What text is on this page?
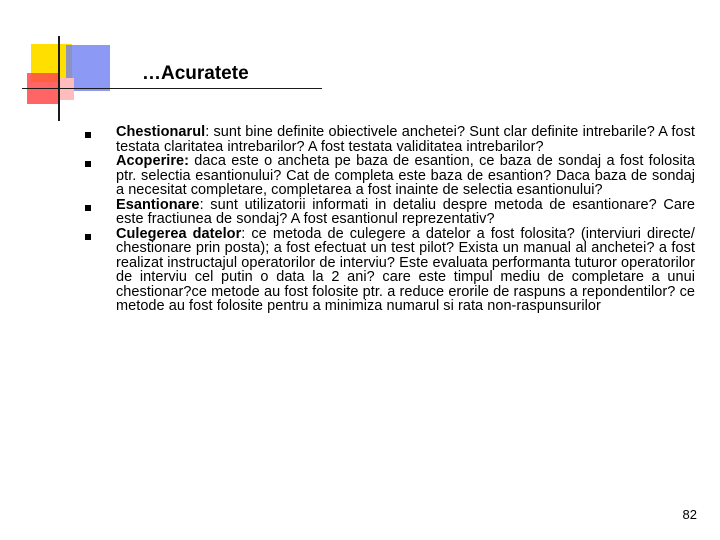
…Acuratete
Chestionarul: sunt bine definite obiectivele anchetei? Sunt clar definite intrebarile? A fost testata claritatea intrebarilor? A fost testata validitatea intrebarilor?
Acoperire: daca este o ancheta pe baza de esantion, ce baza de sondaj a fost folosita ptr. selectia esantionului? Cat de completa este baza de esantion? Daca baza de sondaj a necesitat completare, completarea a fost inainte de selectia esantionului?
Esantionare: sunt utilizatorii informati in detaliu despre metoda de esantionare? Care este fractiunea de sondaj? A fost esantionul reprezentativ?
Culegerea datelor: ce metoda de culegere a datelor a fost folosita? (interviuri directe/ chestionare prin posta); a fost efectuat un test pilot? Exista un manual al anchetei? a fost realizat instructajul operatorilor de interviu? Este evaluata performanta tuturor operatorilor de interviu cel putin o data la 2 ani? care este timpul mediu de completare a unui chestionar?ce metode au fost folosite ptr. a reduce erorile de raspuns a repondentilor? ce metode au fost folosite pentru a minimiza numarul si rata non-raspunsurilor
82
